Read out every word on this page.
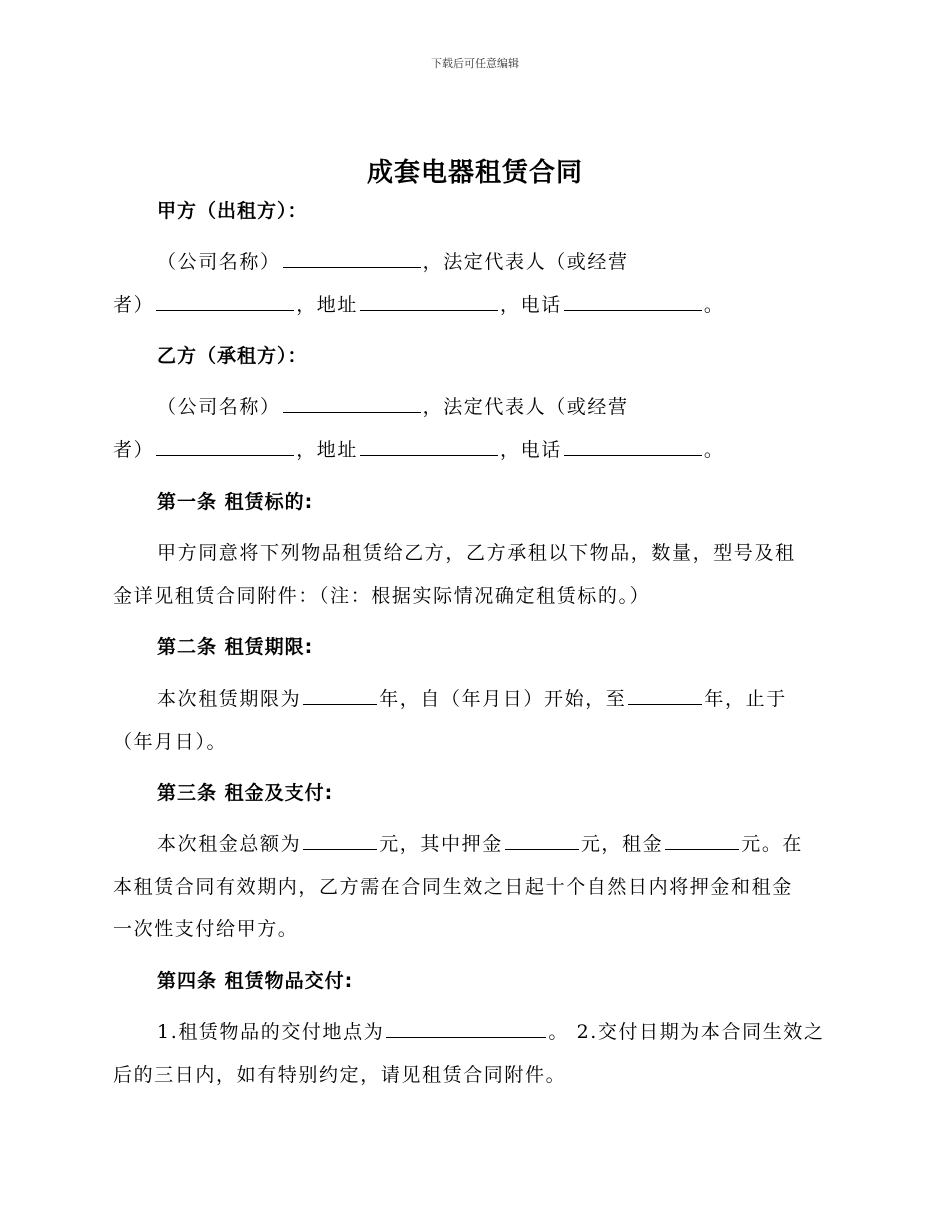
下载后可任意编辑
成套电器租赁合同
甲方（出租方）：
（公司名称）	，法定代表人（或经营
者）	，地址	，电话	。
乙方（承租方）：
（公司名称）	，法定代表人（或经营
者）	，地址	，电话	。
第一条 租赁标的:
甲方同意将下列物品租赁给乙方，乙方承租以下物品，数量，型号及租
金详见租赁合同附件：（注：根据实际情况确定租赁标的。）
第二条 租赁期限:
本次租赁期限为	年，自（年月日）开始，至	年，止于
（年月日）。
第三条 租金及支付:
本次租金总额为	元，其中押金	元，租金	元。在
本租赁合同有效期内，乙方需在合同生效之日起十个自然日内将押金和租金
一次性支付给甲方。
第四条 租赁物品交付:
1.租赁物品的交付地点为	。 2.交付日期为本合同生效之
后的三日内，如有特别约定，请见租赁合同附件。
